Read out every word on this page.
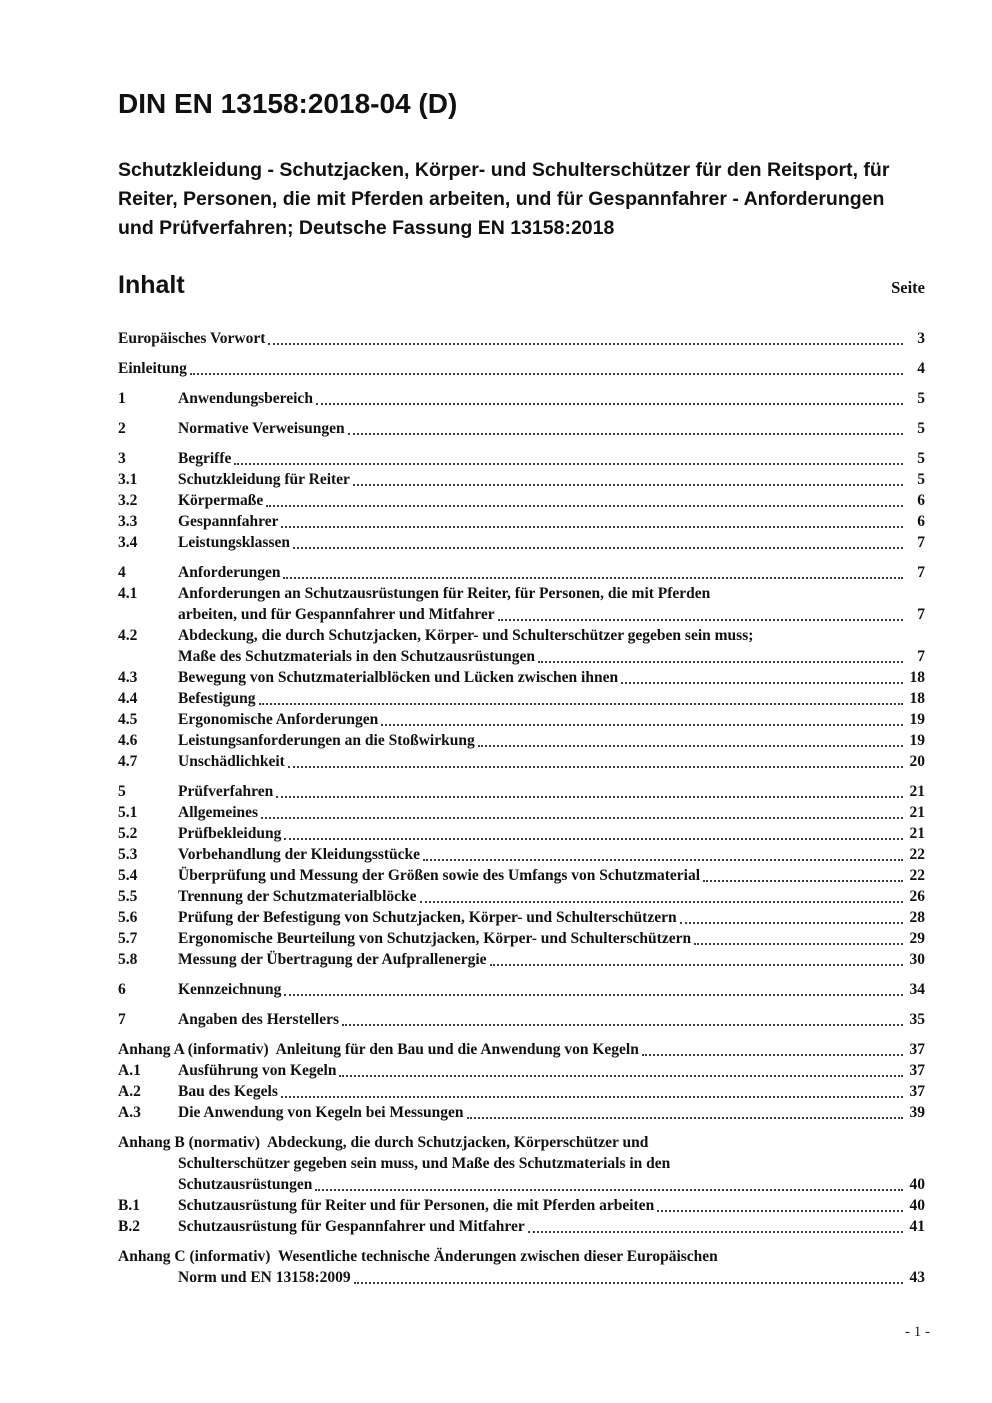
DIN EN 13158:2018-04 (D)
Schutzkleidung - Schutzjacken, Körper- und Schulterschützer für den Reitsport, für Reiter, Personen, die mit Pferden arbeiten, und für Gespannfahrer - Anforderungen und Prüfverfahren; Deutsche Fassung EN 13158:2018
Inhalt	Seite
Europäisches Vorwort	3
Einleitung	4
1	Anwendungsbereich	5
2	Normative Verweisungen	5
3	Begriffe	5
3.1	Schutzkleidung für Reiter	5
3.2	Körpermaße	6
3.3	Gespannfahrer	6
3.4	Leistungsklassen	7
4	Anforderungen	7
4.1	Anforderungen an Schutzausrüstungen für Reiter, für Personen, die mit Pferden
arbeiten, und für Gespannfahrer und Mitfahrer	7
4.2	Abdeckung, die durch Schutzjacken, Körper- und Schulterschützer gegeben sein muss;
Maße des Schutzmaterials in den Schutzausrüstungen	7
4.3	Bewegung von Schutzmaterialblöcken und Lücken zwischen ihnen	18
4.4	Befestigung	18
4.5	Ergonomische Anforderungen	19
4.6	Leistungsanforderungen an die Stoßwirkung	19
4.7	Unschädlichkeit	20
5	Prüfverfahren	21
5.1	Allgemeines	21
5.2	Prüfbekleidung	21
5.3	Vorbehandlung der Kleidungsstücke	22
5.4	Überprüfung und Messung der Größen sowie des Umfangs von Schutzmaterial	22
5.5	Trennung der Schutzmaterialblöcke	26
5.6	Prüfung der Befestigung von Schutzjacken, Körper- und Schulterschützern	28
5.7	Ergonomische Beurteilung von Schutzjacken, Körper- und Schulterschützern	29
5.8	Messung der Übertragung der Aufprallenergie	30
6	Kennzeichnung	34
7	Angaben des Herstellers	35
Anhang A (informativ)  Anleitung für den Bau und die Anwendung von Kegeln	37
A.1	Ausführung von Kegeln	37
A.2	Bau des Kegels	37
A.3	Die Anwendung von Kegeln bei Messungen	39
Anhang B (normativ)  Abdeckung, die durch Schutzjacken, Körperschützer und
Schulterschützer gegeben sein muss, und Maße des Schutzmaterials in den
Schutzausrüstungen	40
B.1	Schutzausrüstung für Reiter und für Personen, die mit Pferden arbeiten	40
B.2	Schutzausrüstung für Gespannfahrer und Mitfahrer	41
Anhang C (informativ)  Wesentliche technische Änderungen zwischen dieser Europäischen
Norm und EN 13158:2009	43
- 1 -
